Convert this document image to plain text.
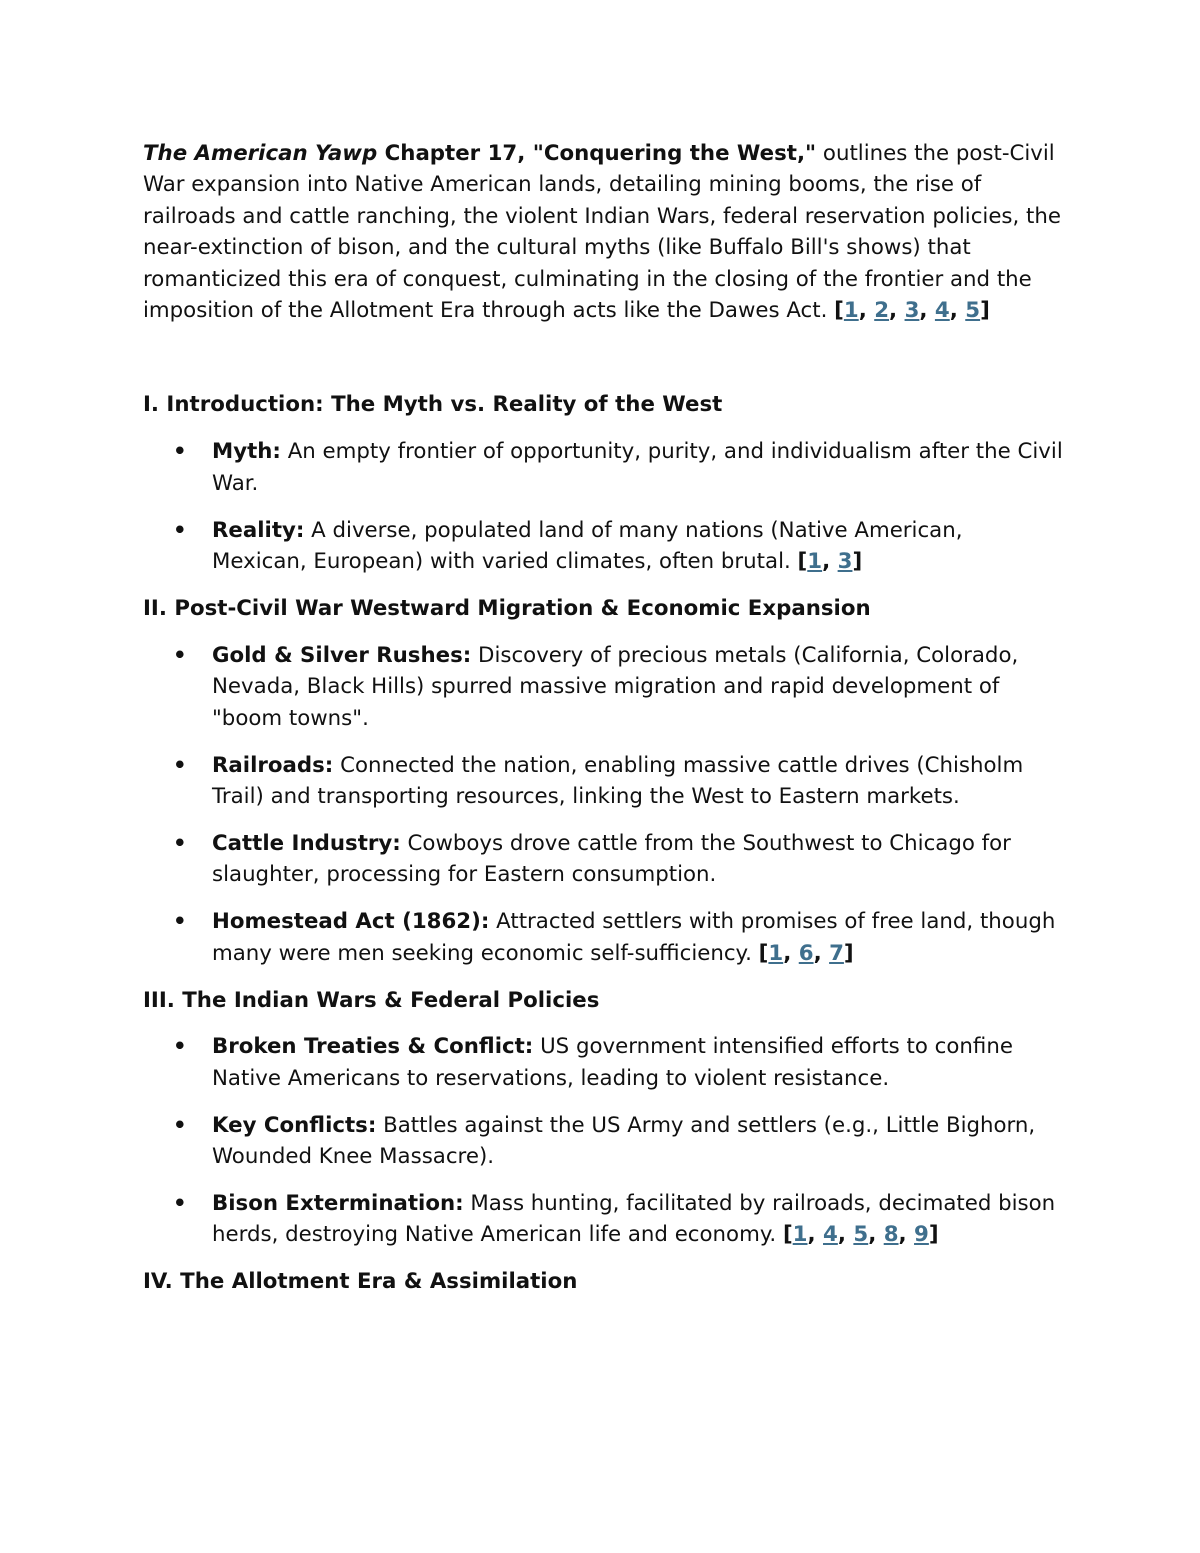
The American Yawp Chapter 17, "Conquering the West," outlines the post-Civil War expansion into Native American lands, detailing mining booms, the rise of railroads and cattle ranching, the violent Indian Wars, federal reservation policies, the near-extinction of bison, and the cultural myths (like Buffalo Bill's shows) that romanticized this era of conquest, culminating in the closing of the frontier and the imposition of the Allotment Era through acts like the Dawes Act. [1, 2, 3, 4, 5]

I. Introduction: The Myth vs. Reality of the West
• Myth: An empty frontier of opportunity, purity, and individualism after the Civil War.
• Reality: A diverse, populated land of many nations (Native American, Mexican, European) with varied climates, often brutal. [1, 3]
II. Post-Civil War Westward Migration & Economic Expansion
• Gold & Silver Rushes: Discovery of precious metals (California, Colorado, Nevada, Black Hills) spurred massive migration and rapid development of "boom towns".
• Railroads: Connected the nation, enabling massive cattle drives (Chisholm Trail) and transporting resources, linking the West to Eastern markets.
• Cattle Industry: Cowboys drove cattle from the Southwest to Chicago for slaughter, processing for Eastern consumption.
• Homestead Act (1862): Attracted settlers with promises of free land, though many were men seeking economic self-sufficiency. [1, 6, 7]
III. The Indian Wars & Federal Policies
• Broken Treaties & Conflict: US government intensified efforts to confine Native Americans to reservations, leading to violent resistance.
• Key Conflicts: Battles against the US Army and settlers (e.g., Little Bighorn, Wounded Knee Massacre).
• Bison Extermination: Mass hunting, facilitated by railroads, decimated bison herds, destroying Native American life and economy. [1, 4, 5, 8, 9]
IV. The Allotment Era & Assimilation
